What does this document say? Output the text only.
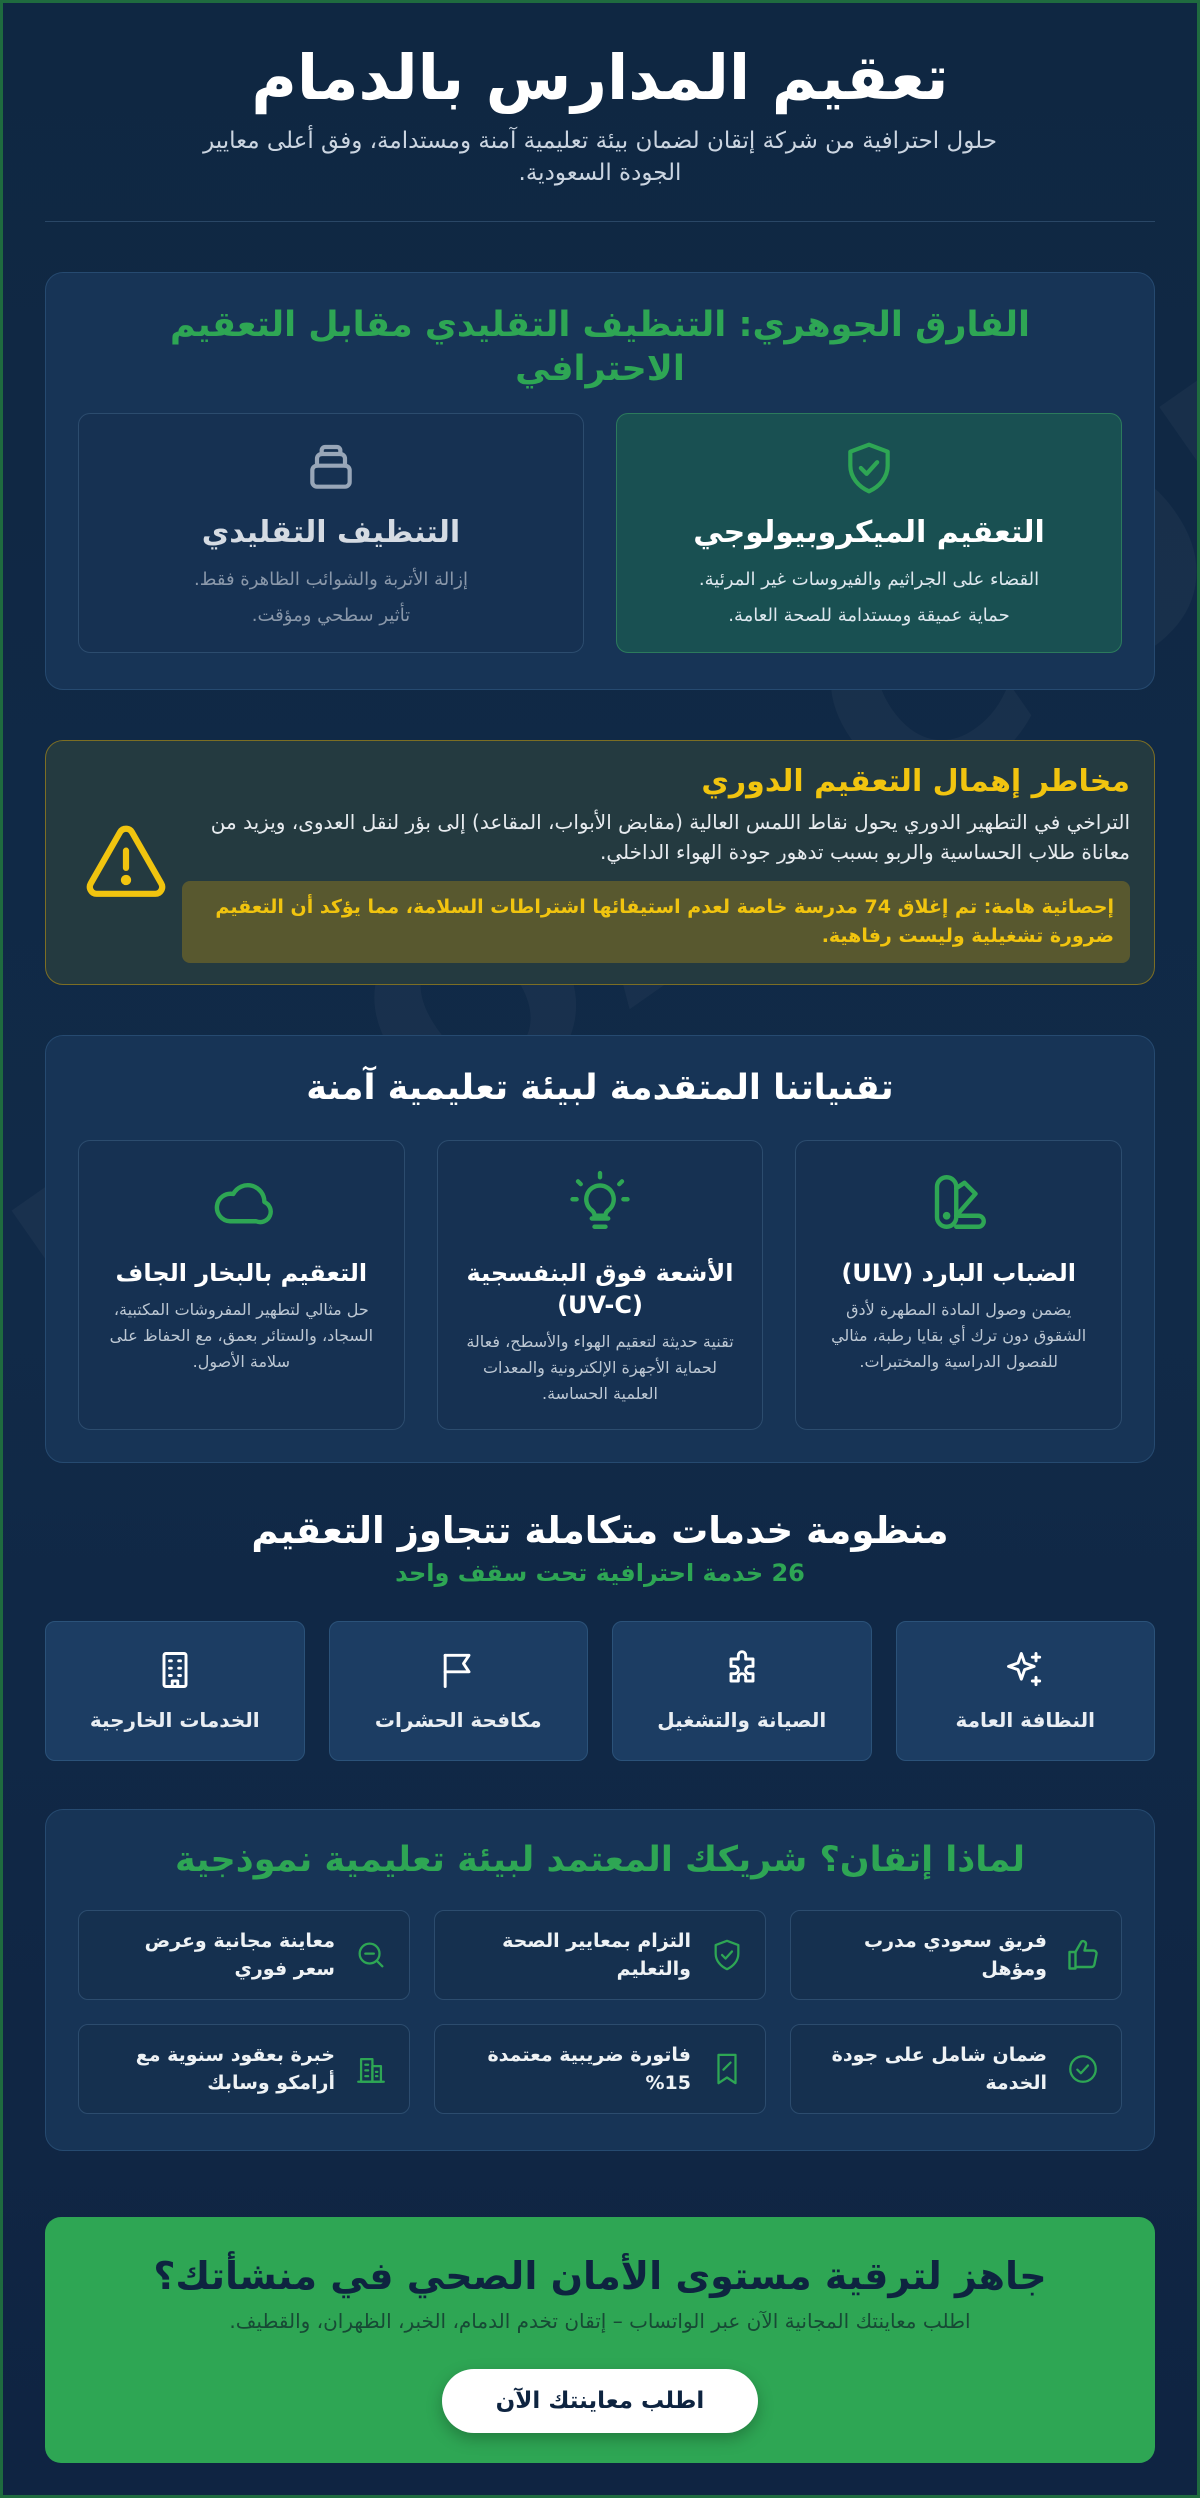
تعقيم المدارس بالدمام

حلول احترافية من شركة إتقان لضمان بيئة تعليمية آمنة ومستدامة، وفق أعلى معايير الجودة السعودية.

الفارق الجوهري: التنظيف التقليدي مقابل التعقيم الاحترافي
التعقيم الميكروبيولوجي
القضاء على الجراثيم والفيروسات غير المرئية.
حماية عميقة ومستدامة للصحة العامة.
التنظيف التقليدي
إزالة الأتربة والشوائب الظاهرة فقط.
تأثير سطحي ومؤقت.
مخاطر إهمال التعقيم الدوري

التراخي في التطهير الدوري يحول نقاط اللمس العالية (مقابض الأبواب، المقاعد) إلى بؤر لنقل العدوى، ويزيد من معاناة طلاب الحساسية والربو بسبب تدهور جودة الهواء الداخلي.

إحصائية هامة: تم إغلاق 74 مدرسة خاصة لعدم استيفائها اشتراطات السلامة، مما يؤكد أن التعقيم ضرورة تشغيلية وليست رفاهية.
تقنياتنا المتقدمة لبيئة تعليمية آمنة
الضباب البارد (ULV)

يضمن وصول المادة المطهرة لأدق الشقوق دون ترك أي بقايا رطبة، مثالي للفصول الدراسية والمختبرات.

الأشعة فوق البنفسجية (UV-C)

تقنية حديثة لتعقيم الهواء والأسطح، فعالة لحماية الأجهزة الإلكترونية والمعدات العلمية الحساسة.

التعقيم بالبخار الجاف

حل مثالي لتطهير المفروشات المكتبية، السجاد، والستائر بعمق، مع الحفاظ على سلامة الأصول.

منظومة خدمات متكاملة تتجاوز التعقيم
26 خدمة احترافية تحت سقف واحد
النظافة العامة
الصيانة والتشغيل
مكافحة الحشرات
الخدمات الخارجية
لماذا إتقان؟ شريكك المعتمد لبيئة تعليمية نموذجية
فريق سعودي مدرب ومؤهل
التزام بمعايير الصحة والتعليم
معاينة مجانية وعرض سعر فوري
ضمان شامل على جودة الخدمة
فاتورة ضريبية معتمدة 15%
خبرة بعقود سنوية مع أرامكو وسابك
جاهز لترقية مستوى الأمان الصحي في منشأتك؟

اطلب معاينتك المجانية الآن عبر الواتساب – إتقان تخدم الدمام، الخبر، الظهران، والقطيف.

اطلب معاينتك الآن
